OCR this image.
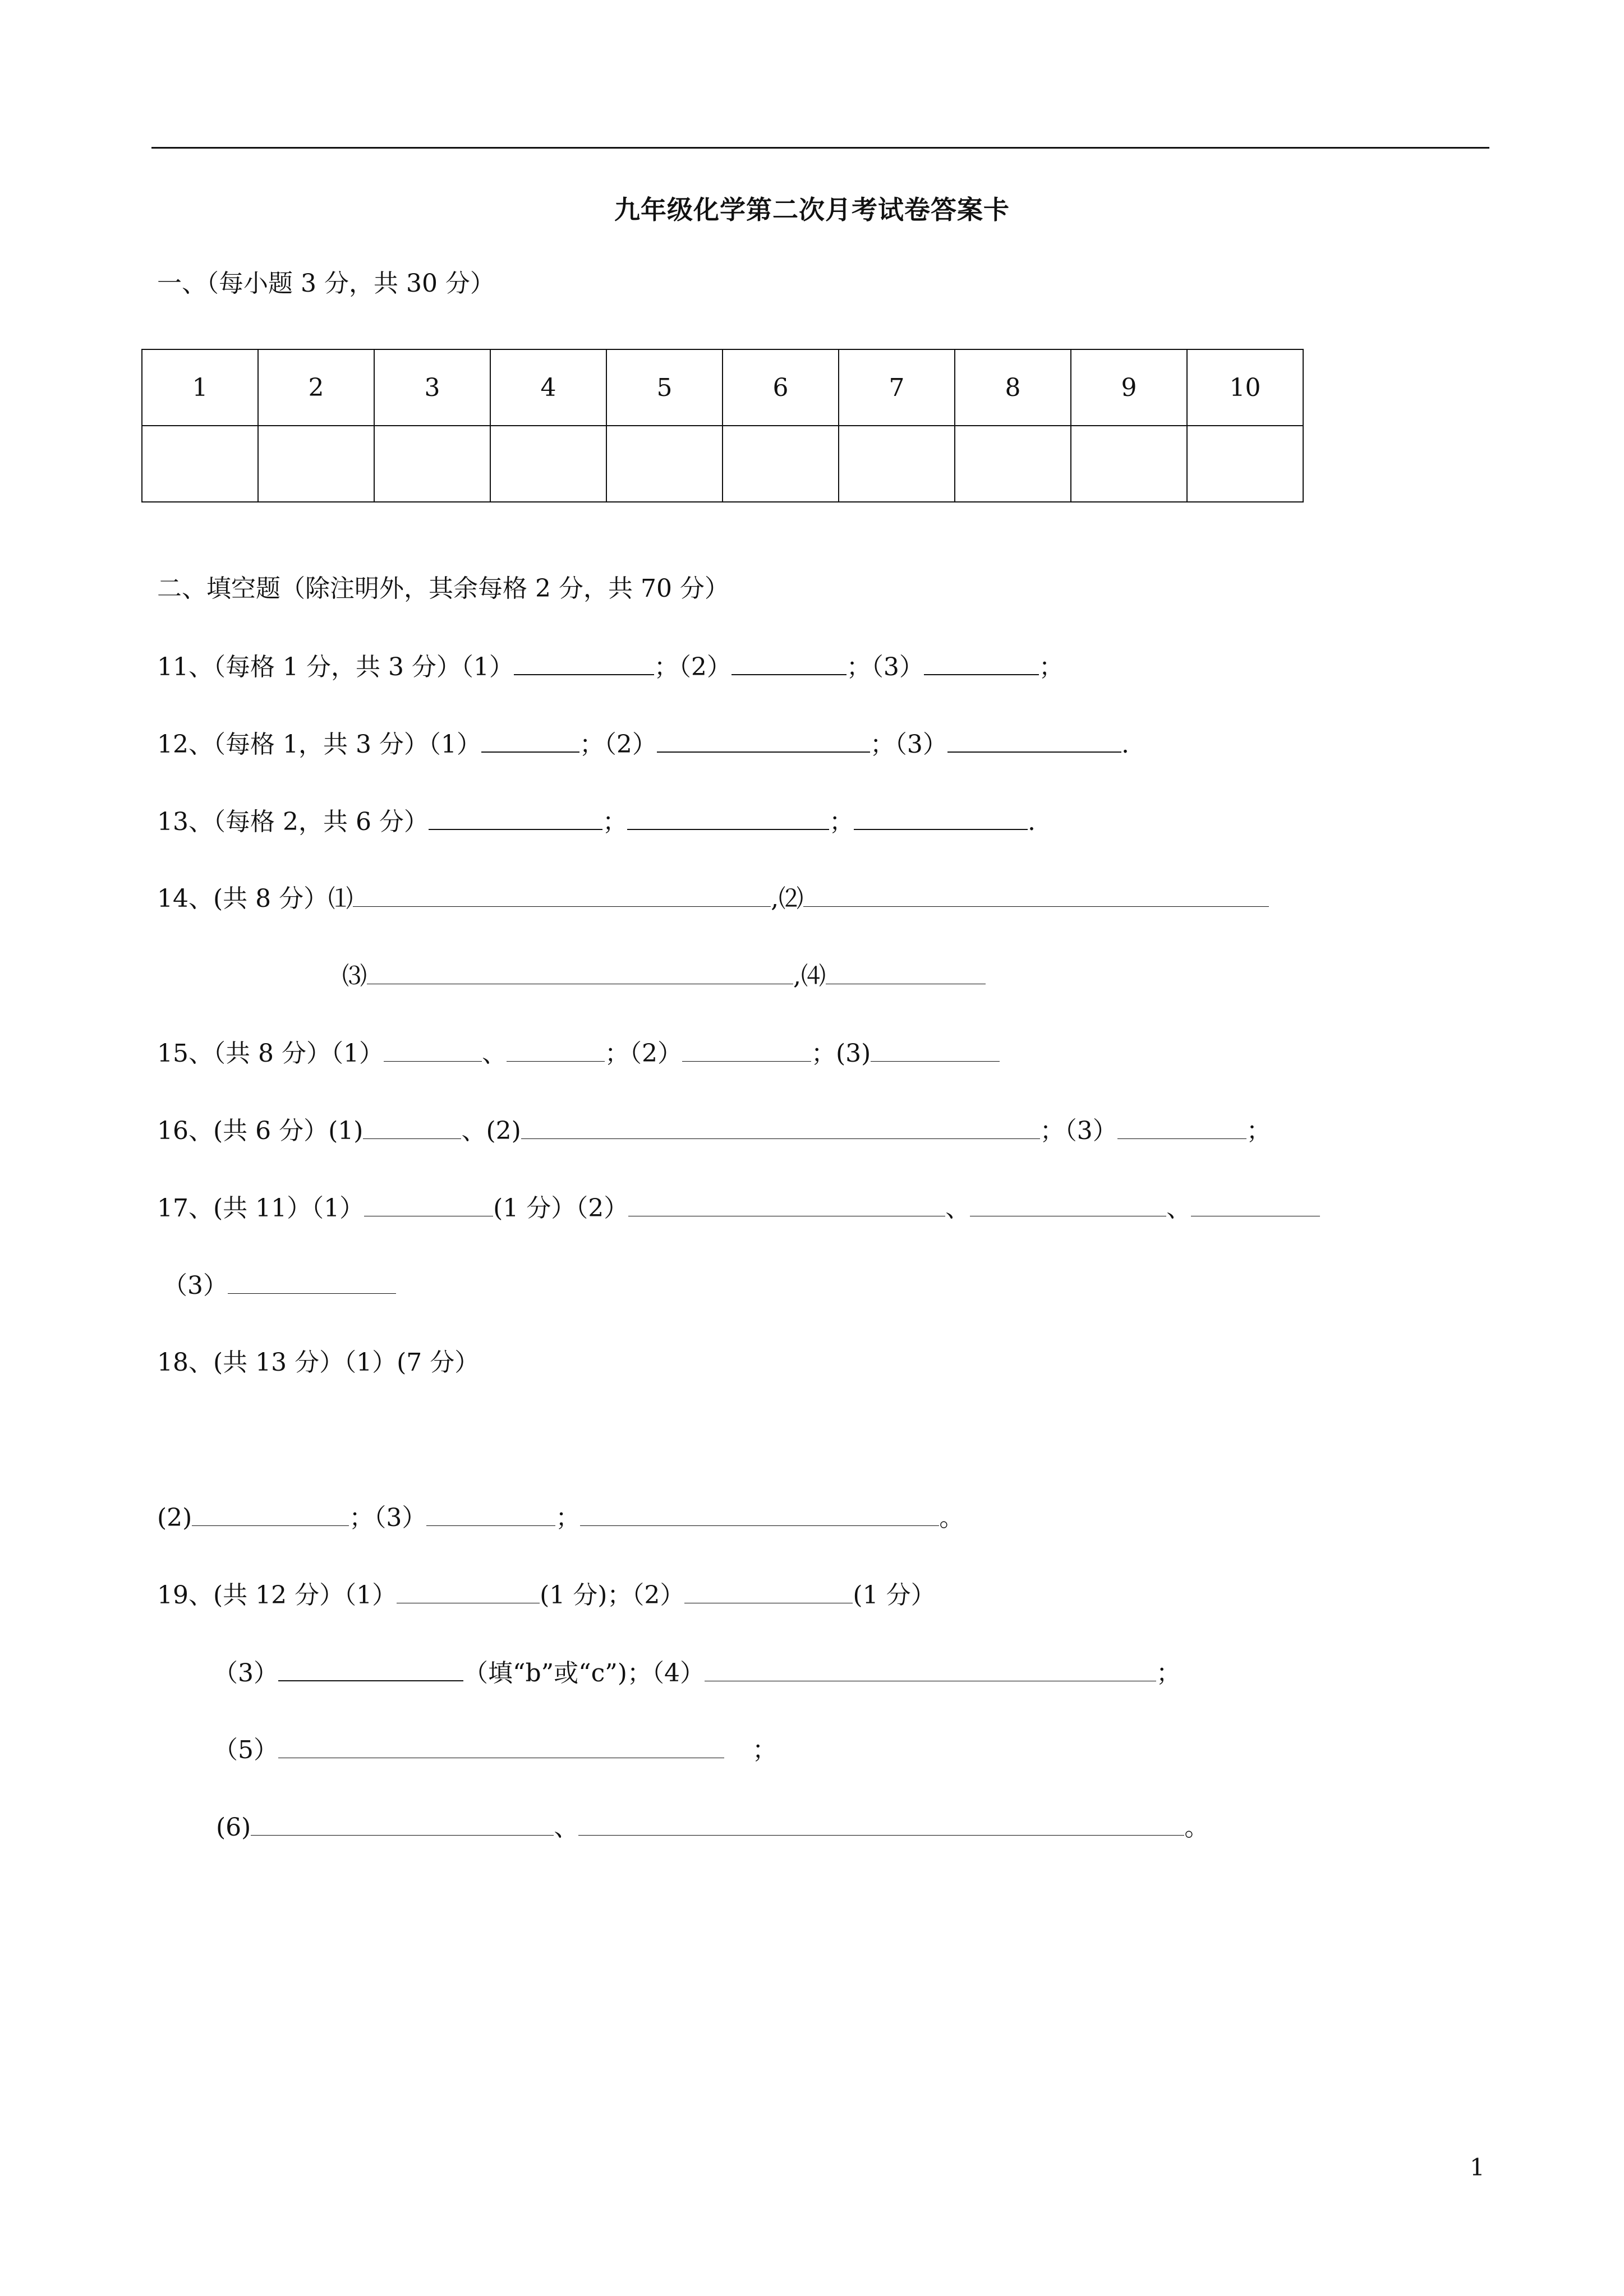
九年级化学第二次月考试卷答案卡
一、（每小题 3 分，共 30 分）
1	2	3	4	5	6	7	8	9	10

二、填空题（除注明外，其余每格 2 分，共 70 分）
11、（每格 1 分，共 3 分）（1）	；（2）	；（3）	；
12、（每格 1，共 3 分）（1）	；（2）	；（3）	.
13、（每格 2，共 6 分）	；	；	.
14、(共 8 分）⑴	,⑵
⑶	,⑷
15、（共 8 分）（1）	、	；（2）	；(3)
16、(共 6 分）(1)	、(2)	；（3）	；
17、(共 11）（1）	(1 分）（2）	、	、
（3）
18、(共 13 分）（1）(7 分）
(2)	；（3）	；	。
19、(共 12 分）（1）	(1 分)；（2）	(1 分）
（3）	（填“b”或“c”)；（4）	；
（5）	；
(6)	、	。
1
